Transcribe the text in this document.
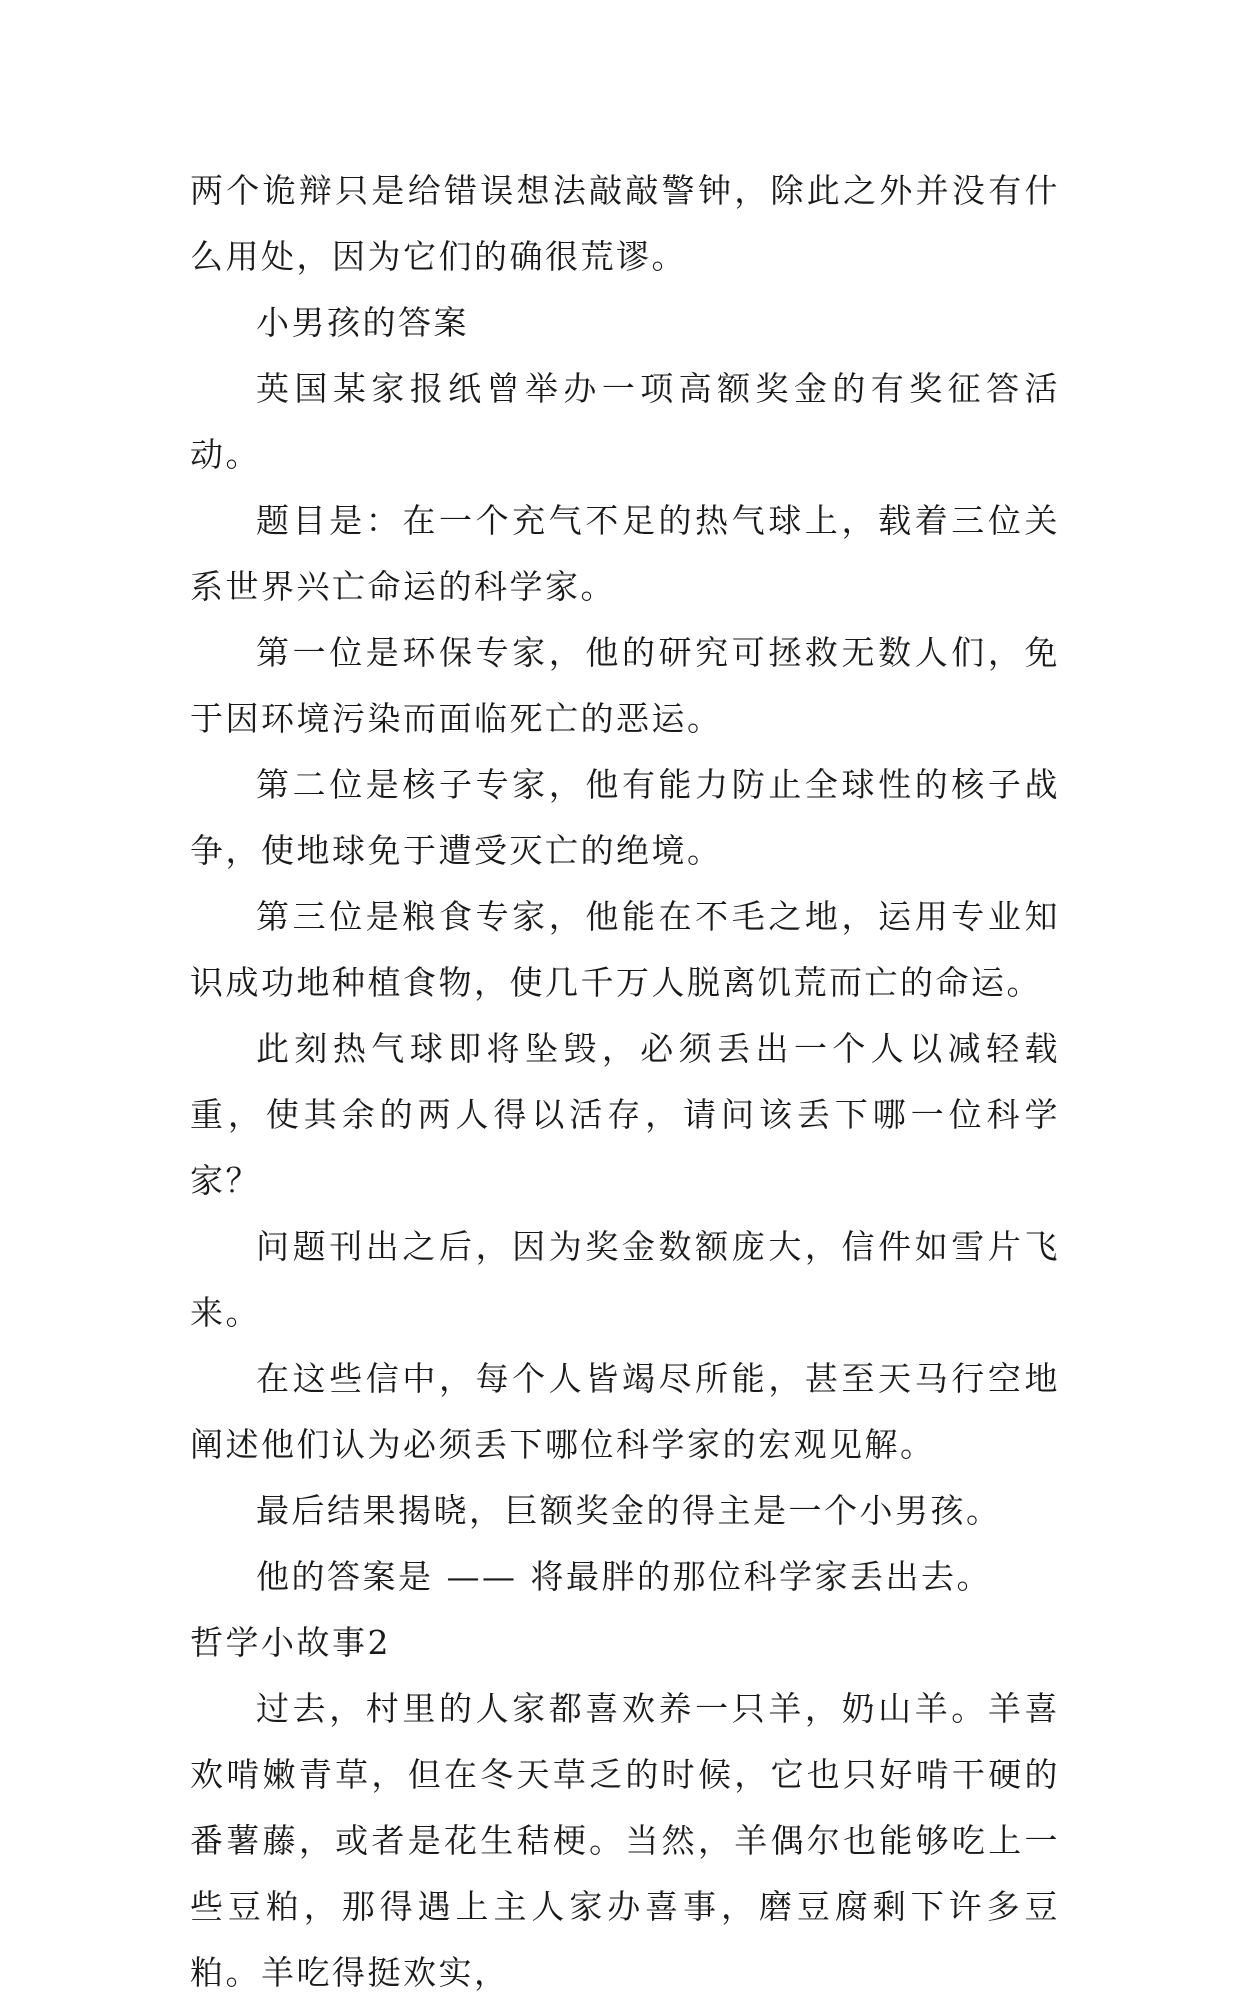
两个诡辩只是给错误想法敲敲警钟，除此之外并没有什么用处，因为它们的确很荒谬。

小男孩的答案

英国某家报纸曾举办一项高额奖金的有奖征答活动。

题目是：在一个充气不足的热气球上，载着三位关系世界兴亡命运的科学家。

第一位是环保专家，他的研究可拯救无数人们，免于因环境污染而面临死亡的恶运。

第二位是核子专家，他有能力防止全球性的核子战争，使地球免于遭受灭亡的绝境。

第三位是粮食专家，他能在不毛之地，运用专业知识成功地种植食物，使几千万人脱离饥荒而亡的命运。

此刻热气球即将坠毁，必须丢出一个人以减轻载重，使其余的两人得以活存，请问该丢下哪一位科学家？

问题刊出之后，因为奖金数额庞大，信件如雪片飞来。

在这些信中，每个人皆竭尽所能，甚至天马行空地阐述他们认为必须丢下哪位科学家的宏观见解。

最后结果揭晓，巨额奖金的得主是一个小男孩。

他的答案是 —— 将最胖的那位科学家丢出去。

哲学小故事2

过去，村里的人家都喜欢养一只羊，奶山羊。羊喜欢啃嫩青草，但在冬天草乏的时候，它也只好啃干硬的番薯藤，或者是花生秸梗。当然，羊偶尔也能够吃上一些豆粕，那得遇上主人家办喜事，磨豆腐剩下许多豆粕。羊吃得挺欢实，
